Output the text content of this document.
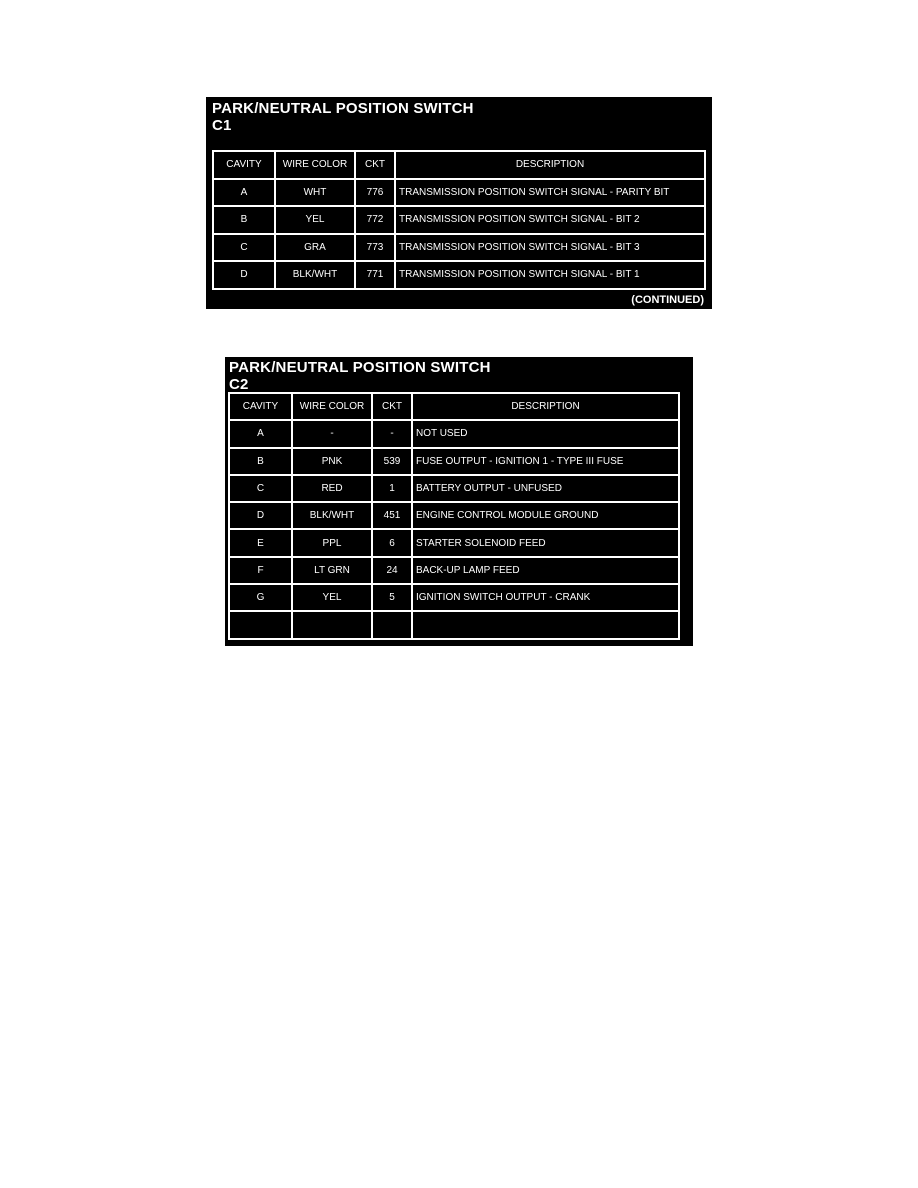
PARK/NEUTRAL POSITION SWITCH
C1
CAVITY	WIRE COLOR	CKT	DESCRIPTION
A	WHT	776	TRANSMISSION POSITION SWITCH SIGNAL - PARITY BIT
B	YEL	772	TRANSMISSION POSITION SWITCH SIGNAL - BIT 2
C	GRA	773	TRANSMISSION POSITION SWITCH SIGNAL - BIT 3
D	BLK/WHT	771	TRANSMISSION POSITION SWITCH SIGNAL - BIT 1
(CONTINUED)
PARK/NEUTRAL POSITION SWITCH
C2
CAVITY	WIRE COLOR	CKT	DESCRIPTION
A	-	-	NOT USED
B	PNK	539	FUSE OUTPUT - IGNITION 1 - TYPE III FUSE
C	RED	1	BATTERY OUTPUT - UNFUSED
D	BLK/WHT	451	ENGINE CONTROL MODULE GROUND
E	PPL	6	STARTER SOLENOID FEED
F	LT GRN	24	BACK-UP LAMP FEED
G	YEL	5	IGNITION SWITCH OUTPUT - CRANK
